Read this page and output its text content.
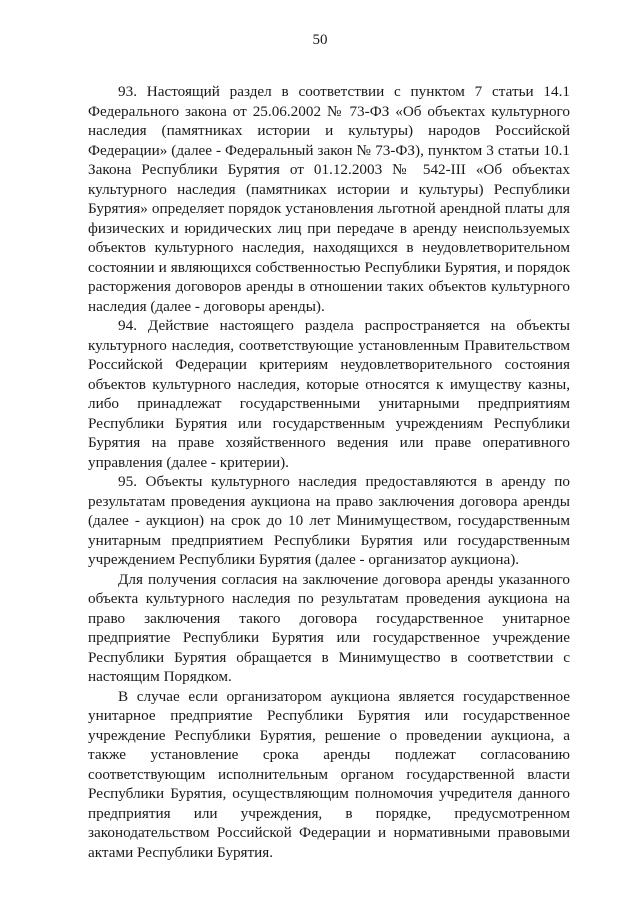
50

93. Настоящий раздел в соответствии с пунктом 7 статьи 14.1 Федерального закона от 25.06.2002 № 73-ФЗ «Об объектах культурного наследия (памятниках истории и культуры) народов Российской Федерации» (далее - Федеральный закон № 73-ФЗ), пунктом 3 статьи 10.1 Закона Республики Бурятия от 01.12.2003 № 542-III «Об объектах культурного наследия (памятниках истории и культуры) Республики Бурятия» определяет порядок установления льготной арендной платы для физических и юридических лиц при передаче в аренду неиспользуемых объектов культурного наследия, находящихся в неудовлетворительном состоянии и являющихся собственностью Республики Бурятия, и порядок расторжения договоров аренды в отношении таких объектов культурного наследия (далее - договоры аренды).

94. Действие настоящего раздела распространяется на объекты культурного наследия, соответствующие установленным Правительством Российской Федерации критериям неудовлетворительного состояния объектов культурного наследия, которые относятся к имуществу казны, либо принадлежат государственными унитарными предприятиям Республики Бурятия или государственным учреждениям Республики Бурятия на праве хозяйственного ведения или праве оперативного управления (далее - критерии).

95. Объекты культурного наследия предоставляются в аренду по результатам проведения аукциона на право заключения договора аренды (далее - аукцион) на срок до 10 лет Минимуществом, государственным унитарным предприятием Республики Бурятия или государственным учреждением Республики Бурятия (далее - организатор аукциона).

Для получения согласия на заключение договора аренды указанного объекта культурного наследия по результатам проведения аукциона на право заключения такого договора государственное унитарное предприятие Республики Бурятия или государственное учреждение Республики Бурятия обращается в Минимущество в соответствии с настоящим Порядком.

В случае если организатором аукциона является государственное унитарное предприятие Республики Бурятия или государственное учреждение Республики Бурятия, решение о проведении аукциона, а также установление срока аренды подлежат согласованию соответствующим исполнительным органом государственной власти Республики Бурятия, осуществляющим полномочия учредителя данного предприятия или учреждения, в порядке, предусмотренном законодательством Российской Федерации и нормативными правовыми актами Республики Бурятия.
